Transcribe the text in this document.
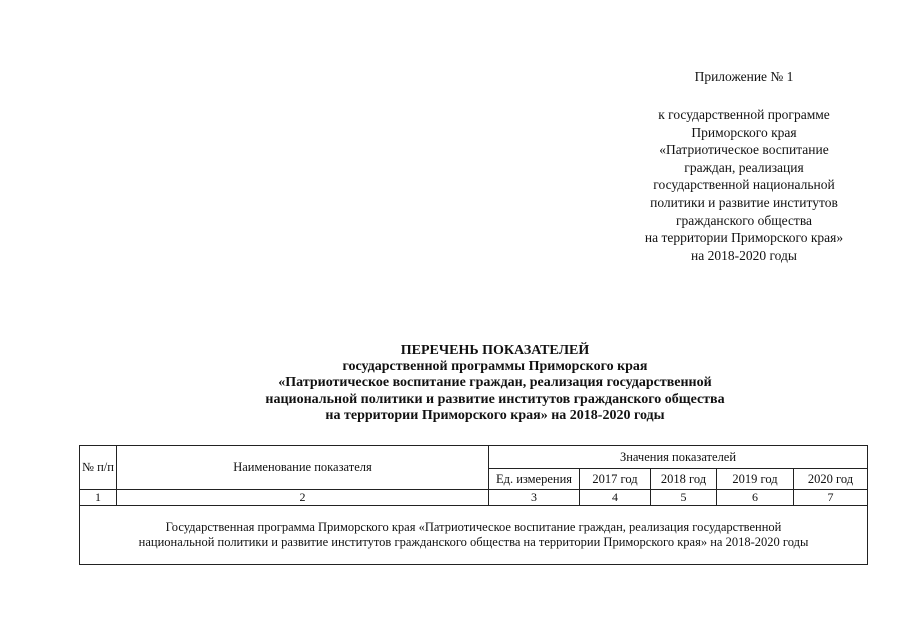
Приложение № 1
к государственной программе
Приморского края
«Патриотическое воспитание
граждан, реализация
государственной национальной
политики и развитие институтов
гражданского общества
на территории Приморского края»
на 2018-2020 годы
ПЕРЕЧЕНЬ ПОКАЗАТЕЛЕЙ
государственной программы Приморского края
«Патриотическое воспитание граждан, реализация государственной
национальной политики и развитие институтов гражданского общества
на территории Приморского края» на 2018-2020 годы
№ п/п	Наименование показателя	Значения показателей				
		Ед. измерения	2017 год	2018 год	2019 год	2020 год
1	2	3	4	5	6	7

Государственная программа Приморского края «Патриотическое воспитание граждан, реализация государственной
национальной политики и развитие институтов гражданского общества на территории Приморского края» на 2018-2020 годы						
